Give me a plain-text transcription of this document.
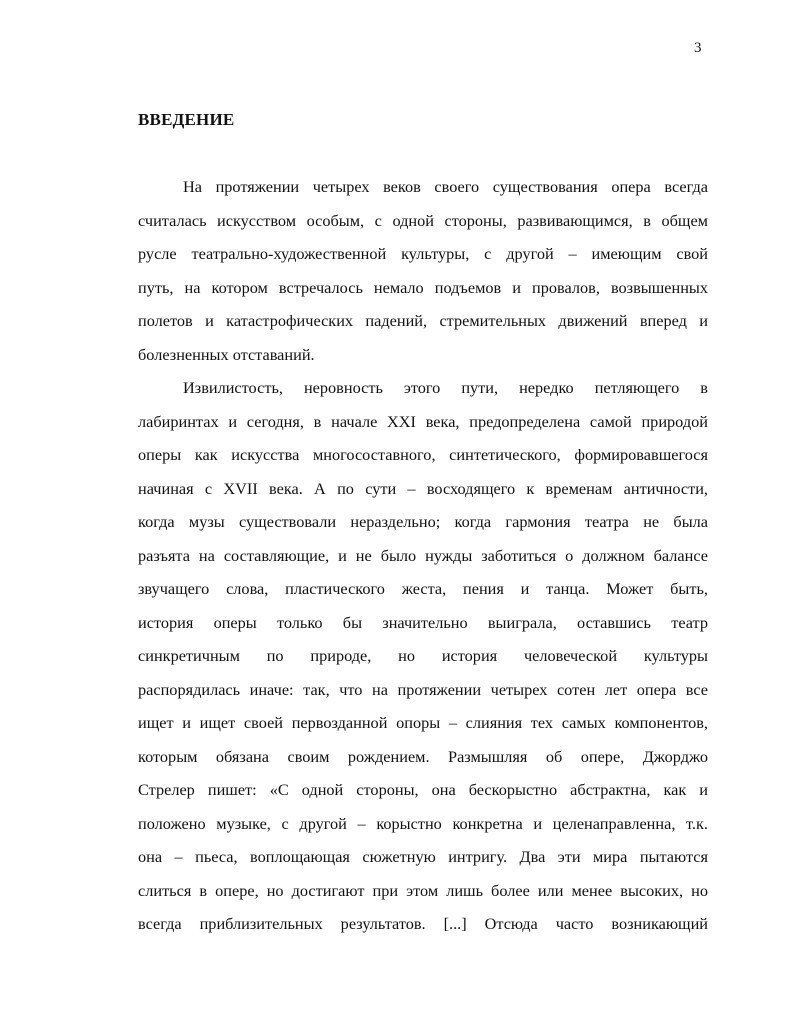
3
ВВЕДЕНИЕ
На протяжении четырех веков своего существования опера всегда
считалась искусством особым, с одной стороны, развивающимся, в общем
русле театрально-художественной культуры, с другой – имеющим свой
путь, на котором встречалось немало подъемов и провалов, возвышенных
полетов и катастрофических падений, стремительных движений вперед и
болезненных отставаний.
Извилистость, неровность этого пути, нередко петляющего в
лабиринтах и сегодня, в начале XXI века, предопределена самой природой
оперы как искусства многосоставного, синтетического, формировавшегося
начиная с XVII века. А по сути – восходящего к временам античности,
когда музы существовали нераздельно; когда гармония театра не была
разъята на составляющие, и не было нужды заботиться о должном балансе
звучащего слова, пластического жеста, пения и танца. Может быть,
история оперы только бы значительно выиграла, оставшись театр
синкретичным по природе, но история человеческой культуры
распорядилась иначе: так, что на протяжении четырех сотен лет опера все
ищет и ищет своей первозданной опоры – слияния тех самых компонентов,
которым обязана своим рождением. Размышляя об опере, Джорджо
Стрелер пишет: «С одной стороны, она бескорыстно абстрактна, как и
положено музыке, с другой – корыстно конкретна и целенаправленна, т.к.
она – пьеса, воплощающая сюжетную интригу. Два эти мира пытаются
слиться в опере, но достигают при этом лишь более или менее высоких, но
всегда приблизительных результатов. [...] Отсюда часто возникающий
